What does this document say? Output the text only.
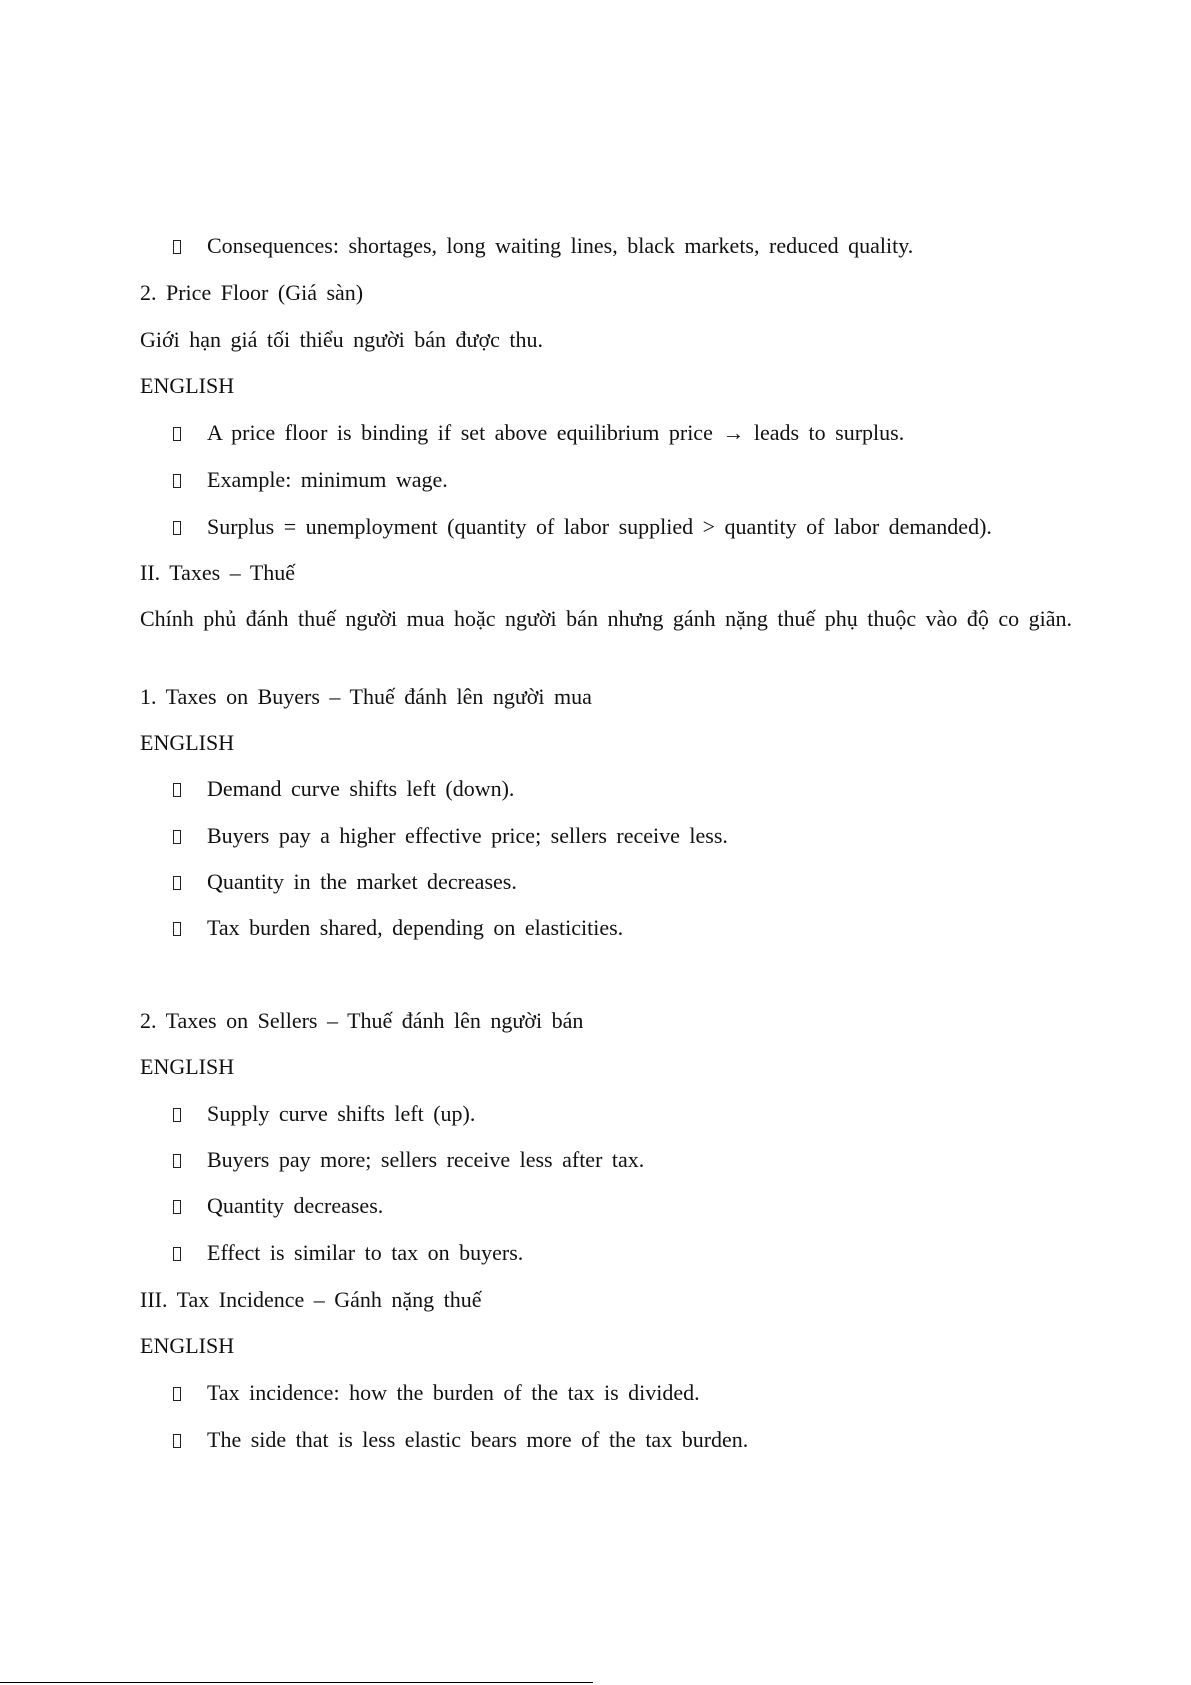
Consequences: shortages, long waiting lines, black markets, reduced quality.
2. Price Floor (Giá sàn)
Giới hạn giá tối thiểu người bán được thu.
ENGLISH
A price floor is binding if set above equilibrium price → leads to surplus.
Example: minimum wage.
Surplus = unemployment (quantity of labor supplied > quantity of labor demanded).
II. Taxes – Thuế
Chính phủ đánh thuế người mua hoặc người bán nhưng gánh nặng thuế phụ thuộc vào độ co giãn.
1. Taxes on Buyers – Thuế đánh lên người mua
ENGLISH
Demand curve shifts left (down).
Buyers pay a higher effective price; sellers receive less.
Quantity in the market decreases.
Tax burden shared, depending on elasticities.
2. Taxes on Sellers – Thuế đánh lên người bán
ENGLISH
Supply curve shifts left (up).
Buyers pay more; sellers receive less after tax.
Quantity decreases.
Effect is similar to tax on buyers.
III. Tax Incidence – Gánh nặng thuế
ENGLISH
Tax incidence: how the burden of the tax is divided.
The side that is less elastic bears more of the tax burden.
